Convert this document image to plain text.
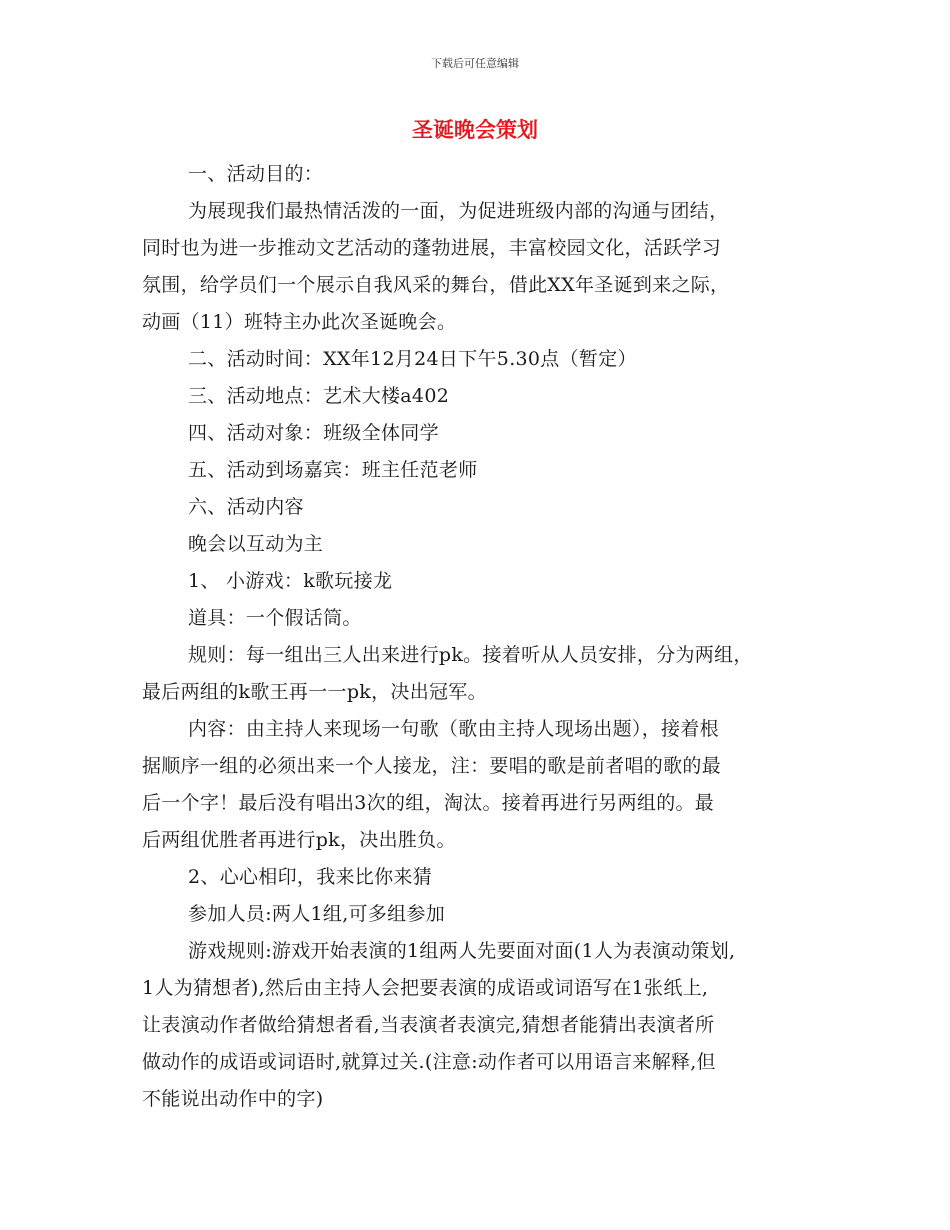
下载后可任意编辑
圣诞晚会策划

一、活动目的：

为展现我们最热情活泼的一面，为促进班级内部的沟通与团结，

同时也为进一步推动文艺活动的蓬勃进展，丰富校园文化，活跃学习

氛围，给学员们一个展示自我风采的舞台，借此XX年圣诞到来之际，

动画（11）班特主办此次圣诞晚会。

二、活动时间：XX年12月24日下午5.30点（暂定）

三、活动地点：艺术大楼a402

四、活动对象：班级全体同学

五、活动到场嘉宾：班主任范老师

六、活动内容

晚会以互动为主

1、 小游戏：k歌玩接龙

道具：一个假话筒。

规则：每一组出三人出来进行pk。接着听从人员安排，分为两组，

最后两组的k歌王再一一pk，决出冠军。

内容：由主持人来现场一句歌（歌由主持人现场出题），接着根

据顺序一组的必须出来一个人接龙，注：要唱的歌是前者唱的歌的最

后一个字！最后没有唱出3次的组，淘汰。接着再进行另两组的。最

后两组优胜者再进行pk，决出胜负。

2、心心相印，我来比你来猜

参加人员:两人1组,可多组参加

游戏规则:游戏开始表演的1组两人先要面对面(1人为表演动策划,

1人为猜想者),然后由主持人会把要表演的成语或词语写在1张纸上,

让表演动作者做给猜想者看,当表演者表演完,猜想者能猜出表演者所

做动作的成语或词语时,就算过关.(注意:动作者可以用语言来解释,但

不能说出动作中的字)
